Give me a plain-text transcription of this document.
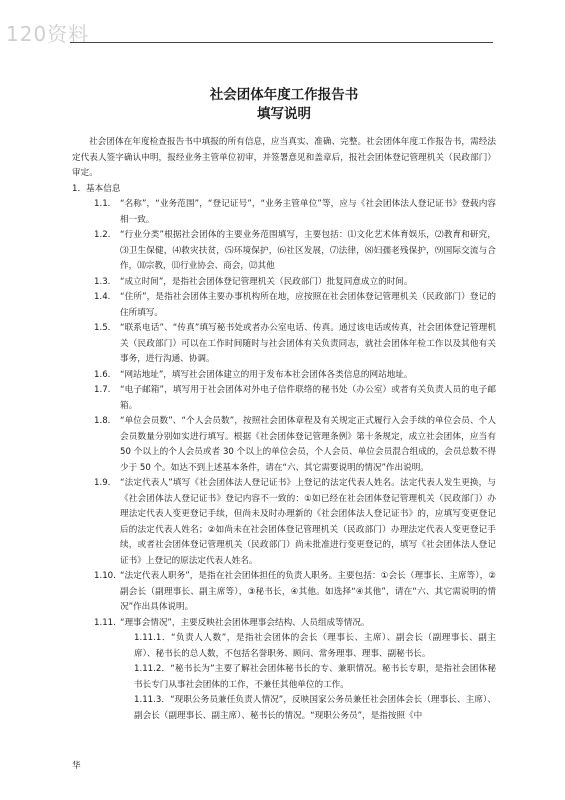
120资料

社会团体年度工作报告书

填写说明

社会团体在年度检查报告书中填报的所有信息，应当真实、准确、完整。社会团体年度工作报告书，需经法定代表人签字确认申明，报经业务主管单位初审，并签署意见和盖章后，报社会团体登记管理机关（民政部门）审定。

1．基本信息

1.1. “名称”，“业务范围”，“登记证号”，“业务主管单位”等，应与《社会团体法人登记证书》登载内容相一致。
1.2. “行业分类”根据社会团体的主要业务范围填写，主要包括：⑴文化艺术体育娱乐，⑵教育和研究，⑶卫生保健，⑷救灾扶贫，⑸环境保护，⑹社区发展，⑺法律，⑻妇孺老残保护，⑼国际交流与合作，⑽宗教，⑾行业协会、商会，⑿其他
1.3. “成立时间”，是指社会团体登记管理机关（民政部门）批复同意成立的时间。
1.4. “住所”，是指社会团体主要办事机构所在地，应按照在社会团体登记管理机关（民政部门）登记的住所填写。
1.5. “联系电话”、“传真”填写秘书处或者办公室电话、传真。通过该电话或传真，社会团体登记管理机关（民政部门）可以在工作时间随时与社会团体有关负责同志，就社会团体年检工作以及其他有关事务，进行沟通、协调。
1.6. “网站地址”，填写社会团体建立的用于发布本社会团体各类信息的网站地址。
1.7. “电子邮箱”，填写用于社会团体对外电子信件联络的秘书处（办公室）或者有关负责人员的电子邮箱。
1.8. “单位会员数”、“个人会员数”，按照社会团体章程及有关规定正式履行入会手续的单位会员、个人会员数量分别如实进行填写。根据《社会团体登记管理条例》第十条规定，成立社会团体，应当有 50 个以上的个人会员或者 30 个以上的单位会员，个人会员、单位会员混合组成的，会员总数不得少于 50 个。如达不到上述基本条件，请在“六、其它需要说明的情况”作出说明。
1.9. “法定代表人”填写《社会团体法人登记证书》上登记的法定代表人姓名。法定代表人发生更换，与《社会团体法人登记证书》登记内容不一致的：①如已经在社会团体登记管理机关（民政部门）办理法定代表人变更登记手续，但尚未及时办理新的《社会团体法人登记证书》的，应填写变更登记后的法定代表人姓名；②如尚未在社会团体登记管理机关（民政部门）办理法定代表人变更登记手续，或者社会团体登记管理机关（民政部门）尚未批准进行变更登记的，填写《社会团体法人登记证书》上登记的原法定代表人姓名。
1.10. “法定代表人职务”，是指在社会团体担任的负责人职务。主要包括：①会长（理事长、主席等），②副会长（副理事长、副主席等），③秘书长，④其他。如选择“④其他”，请在“六、其它需说明的情况”作出具体说明。
1.11. “理事会情况”，主要反映社会团体理事会结构、人员组成等情况。

1.11.1．“负责人人数”，是指社会团体的会长（理事长、主席）、副会长（副理事长、副主席）、秘书长的总人数，不包括名誉职务、顾问、常务理事、理事、副秘书长。

1.11.2．“秘书长为”主要了解社会团体秘书长的专、兼职情况。秘书长专职，是指社会团体秘书长专门从事社会团体的工作，不兼任其他单位的工作。

1.11.3．“现职公务员兼任负责人情况”，反映国家公务员兼任社会团体会长（理事长、主席）、副会长（副理事长、副主席）、秘书长的情况。“现职公务员”，是指按照《中

华
